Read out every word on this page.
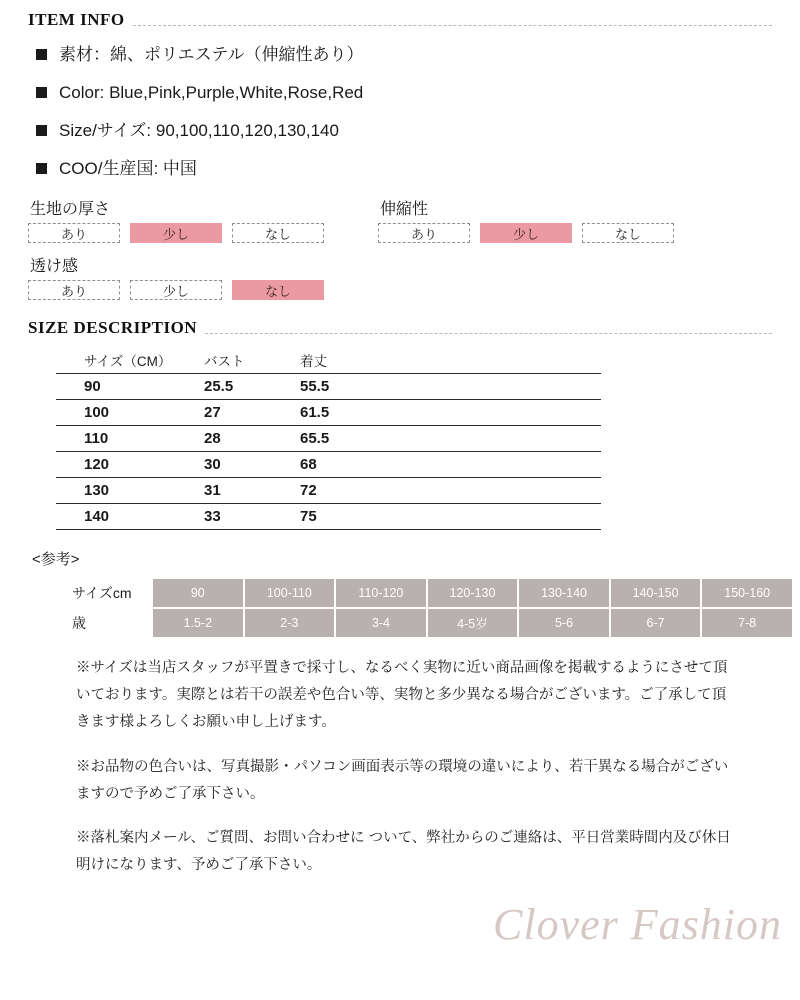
ITEM INFO
素材：綿、ポリエステル（伸縮性あり）
Color: Blue,Pink,Purple,White,Rose,Red
Size/サイズ: 90,100,110,120,130,140
COO/生産国: 中国
生地の厚さ
あり	少し	なし
伸縮性
あり	少し	なし
透け感
あり	少し	なし
SIZE DESCRIPTION
サイズ（CM）	バスト	着丈
90	25.5	55.5
100	27	61.5
110	28	65.5
120	30	68
130	31	72
140	33	75
<参考>
サイズcm	90	100-110	110-120	120-130	130-140	140-150	150-160
歳	1.5-2	2-3	3-4	4-5岁	5-6	6-7	7-8

※サイズは当店スタッフが平置きで採寸し、なるべく実物に近い商品画像を掲載するようにさせて頂いております。実際とは若干の誤差や色合い等、実物と多少異なる場合がございます。ご了承して頂きます様よろしくお願い申し上げます。

※お品物の色合いは、写真撮影・パソコン画面表示等の環境の違いにより、若干異なる場合がございますので予めご了承下さい。

※落札案内メール、ご質問、お問い合わせに ついて、弊社からのご連絡は、平日営業時間内及び休日明けになります、予めご了承下さい。

Clover Fashion
